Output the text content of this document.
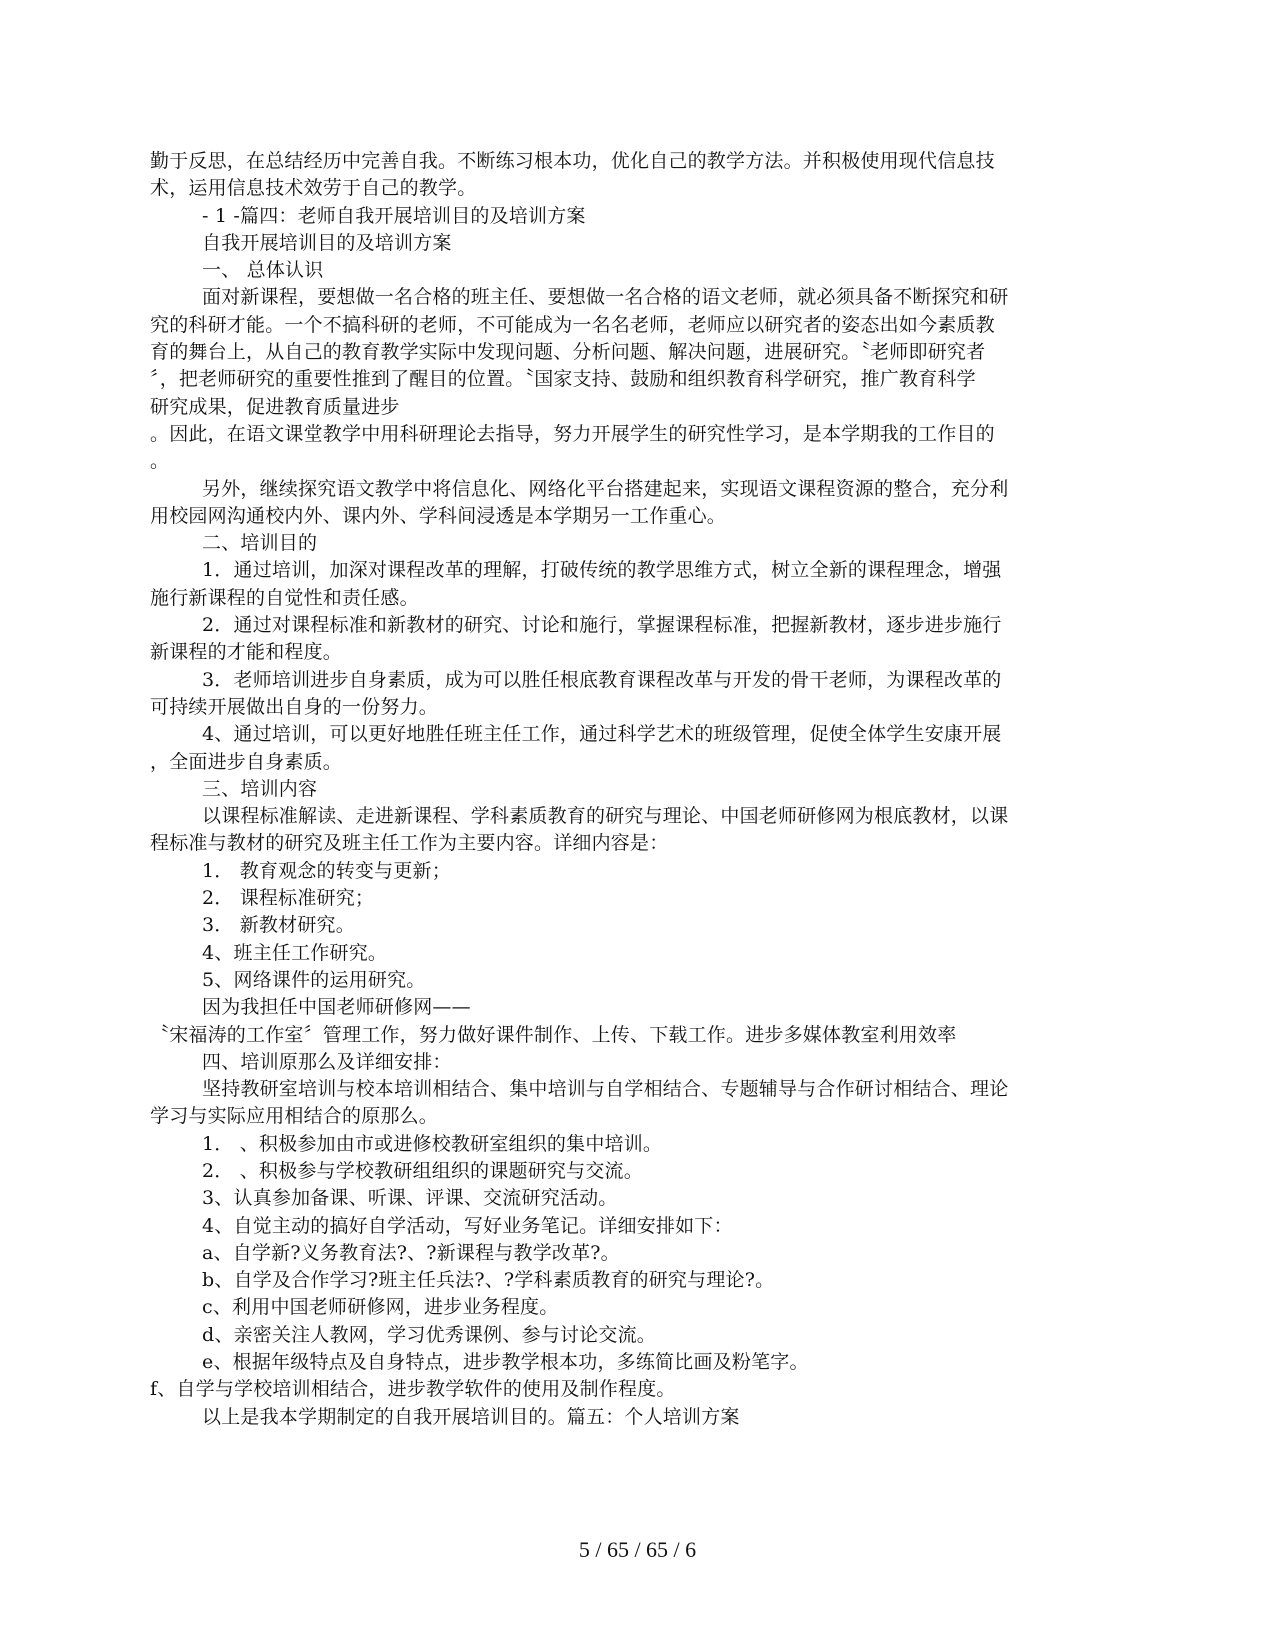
勤于反思，在总结经历中完善自我。不断练习根本功，优化自己的教学方法。并积极使用现代信息技
术，运用信息技术效劳于自己的教学。
- 1 -篇四：老师自我开展培训目的及培训方案
自我开展培训目的及培训方案
一、 总体认识
面对新课程，要想做一名合格的班主任、要想做一名合格的语文老师，就必须具备不断探究和研
究的科研才能。一个不搞科研的老师，不可能成为一名名老师，老师应以研究者的姿态出如今素质教
育的舞台上，从自己的教育教学实际中发现问题、分析问题、解决问题，进展研究。〝老师即研究者
〞，把老师研究的重要性推到了醒目的位置。〝国家支持、鼓励和组织教育科学研究，推广教育科学
研究成果，促进教育质量进步
。因此，在语文课堂教学中用科研理论去指导，努力开展学生的研究性学习，是本学期我的工作目的
。
另外，继续探究语文教学中将信息化、网络化平台搭建起来，实现语文课程资源的整合，充分利
用校园网沟通校内外、课内外、学科间浸透是本学期另一工作重心。
二、培训目的
1．通过培训，加深对课程改革的理解，打破传统的教学思维方式，树立全新的课程理念，增强
施行新课程的自觉性和责任感。
2．通过对课程标准和新教材的研究、讨论和施行，掌握课程标准，把握新教材，逐步进步施行
新课程的才能和程度。
3．老师培训进步自身素质，成为可以胜任根底教育课程改革与开发的骨干老师，为课程改革的
可持续开展做出自身的一份努力。
4、通过培训，可以更好地胜任班主任工作，通过科学艺术的班级管理，促使全体学生安康开展
，全面进步自身素质。
三、培训内容
以课程标准解读、走进新课程、学科素质教育的研究与理论、中国老师研修网为根底教材，以课
程标准与教材的研究及班主任工作为主要内容。详细内容是：
1． 教育观念的转变与更新；
2． 课程标准研究；
3． 新教材研究。
4、班主任工作研究。
5、网络课件的运用研究。
因为我担任中国老师研修网——
〝宋福涛的工作室〞管理工作，努力做好课件制作、上传、下载工作。进步多媒体教室利用效率
四、培训原那么及详细安排：
坚持教研室培训与校本培训相结合、集中培训与自学相结合、专题辅导与合作研讨相结合、理论
学习与实际应用相结合的原那么。
1． 、积极参加由市或进修校教研室组织的集中培训。
2． 、积极参与学校教研组组织的课题研究与交流。
3、认真参加备课、听课、评课、交流研究活动。
4、自觉主动的搞好自学活动，写好业务笔记。详细安排如下：
a、自学新?义务教育法?、?新课程与教学改革?。
b、自学及合作学习?班主任兵法?、?学科素质教育的研究与理论?。
c、利用中国老师研修网，进步业务程度。
d、亲密关注人教网，学习优秀课例、参与讨论交流。
e、根据年级特点及自身特点，进步教学根本功，多练简比画及粉笔字。
f、自学与学校培训相结合，进步教学软件的使用及制作程度。
以上是我本学期制定的自我开展培训目的。篇五：个人培训方案
5 / 65 / 65 / 6
